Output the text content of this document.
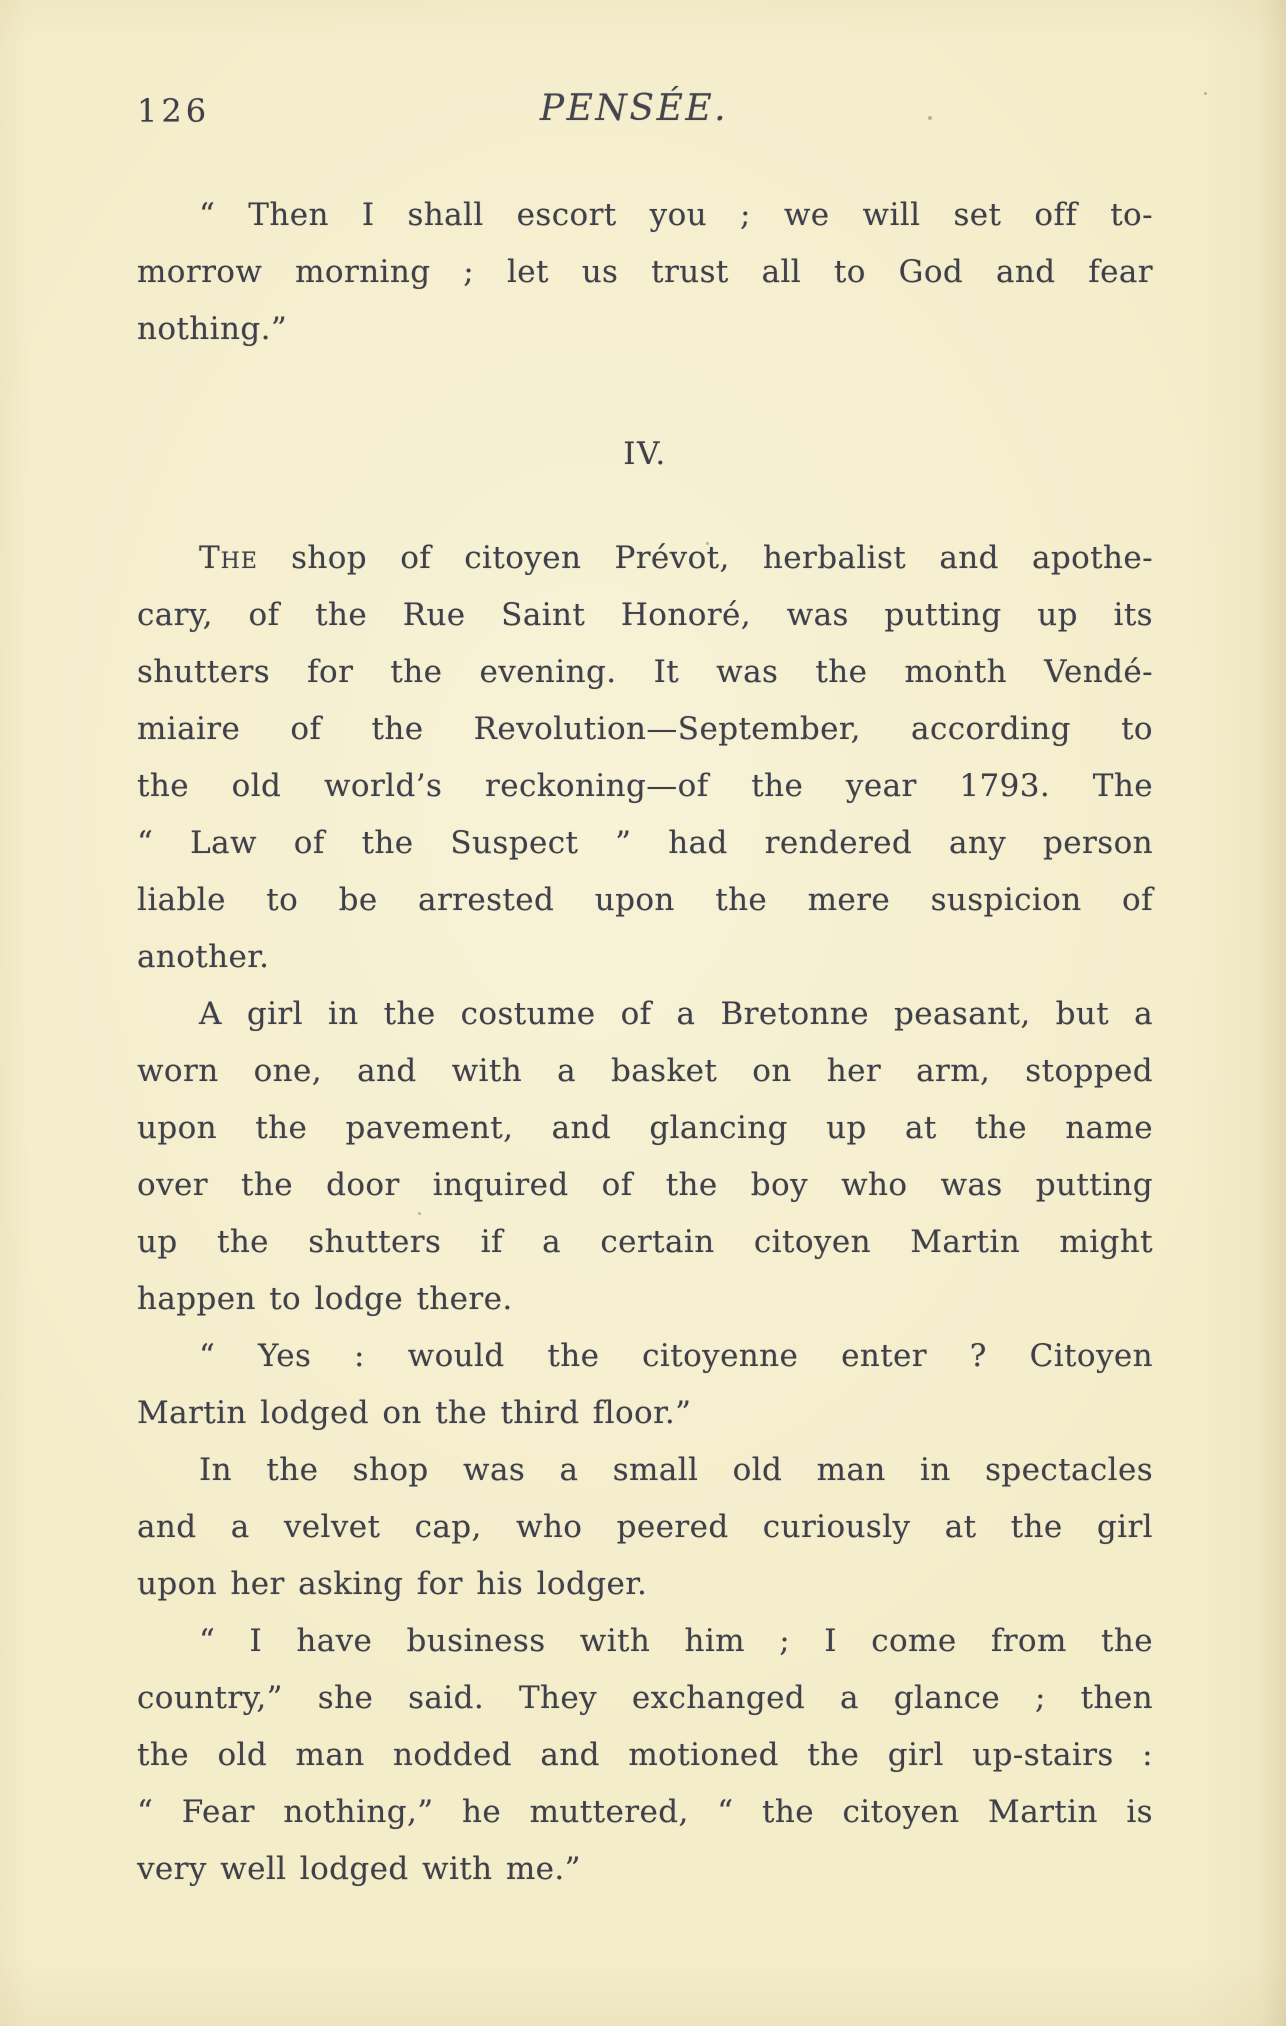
126	PENSÉE.
“ Then I shall escort you ; we will set off to-
morrow morning ; let us trust all to God and fear
nothing.”
IV.
The shop of citoyen Prévot, herbalist and apothe-
cary, of the Rue Saint Honoré, was putting up its
shutters for the evening. It was the month Vendé-
miaire of the Revolution—September, according to
the old world’s reckoning—of the year 1793. The
“ Law of the Suspect ” had rendered any person
liable to be arrested upon the mere suspicion of
another.
A girl in the costume of a Bretonne peasant, but a
worn one, and with a basket on her arm, stopped
upon the pavement, and glancing up at the name
over the door inquired of the boy who was putting
up the shutters if a certain citoyen Martin might
happen to lodge there.
“ Yes : would the citoyenne enter ? Citoyen
Martin lodged on the third floor.”
In the shop was a small old man in spectacles
and a velvet cap, who peered curiously at the girl
upon her asking for his lodger.
“ I have business with him ; I come from the
country,” she said. They exchanged a glance ; then
the old man nodded and motioned the girl up-stairs :
“ Fear nothing,” he muttered, “ the citoyen Martin is
very well lodged with me.”
